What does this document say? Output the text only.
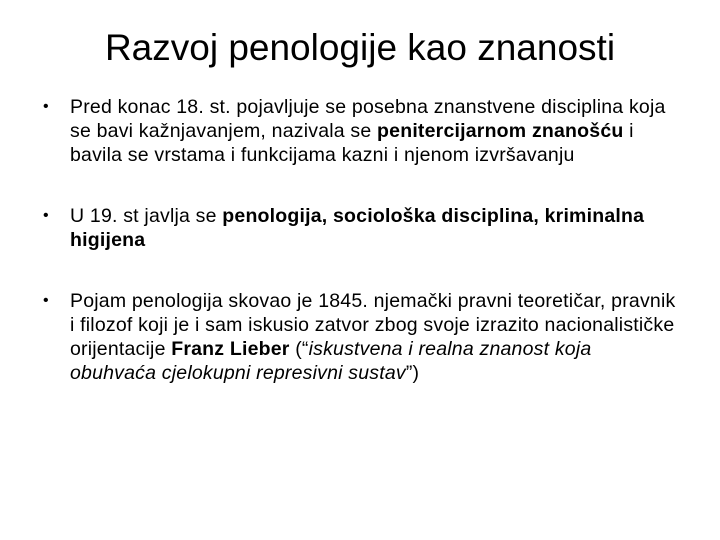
Razvoj penologije kao znanosti
• Pred konac 18. st. pojavljuje se posebna znanstvene disciplina koja se bavi kažnjavanjem, nazivala se penitercijarnom znanošću i bavila se vrstama i funkcijama kazni i njenom izvršavanju
• U 19. st javlja se penologija, sociološka disciplina, kriminalna higijena
• Pojam penologija skovao je 1845. njemački pravni teoretičar, pravnik i filozof koji je i sam iskusio zatvor zbog svoje izrazito nacionalističke orijentacije Franz Lieber (“iskustvena i realna znanost koja obuhvaća cjelokupni represivni sustav”)
